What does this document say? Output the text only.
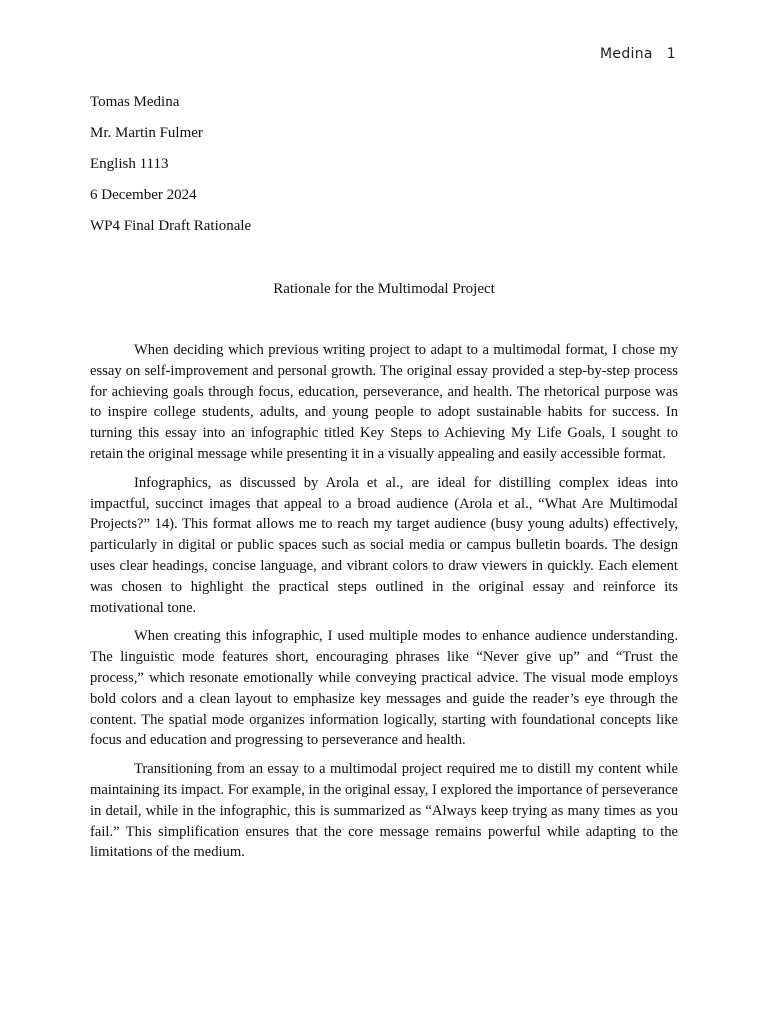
Medina 1
Tomas Medina
Mr. Martin Fulmer
English 1113
6 December 2024
WP4 Final Draft Rationale
Rationale for the Multimodal Project

When deciding which previous writing project to adapt to a multimodal format, I chose my essay on self-improvement and personal growth. The original essay provided a step-by-step process for achieving goals through focus, education, perseverance, and health. The rhetorical purpose was to inspire college students, adults, and young people to adopt sustainable habits for success. In turning this essay into an infographic titled Key Steps to Achieving My Life Goals, I sought to retain the original message while presenting it in a visually appealing and easily accessible format.

Infographics, as discussed by Arola et al., are ideal for distilling complex ideas into impactful, succinct images that appeal to a broad audience (Arola et al., “What Are Multimodal Projects?” 14). This format allows me to reach my target audience (busy young adults) effectively, particularly in digital or public spaces such as social media or campus bulletin boards. The design uses clear headings, concise language, and vibrant colors to draw viewers in quickly. Each element was chosen to highlight the practical steps outlined in the original essay and reinforce its motivational tone.

When creating this infographic, I used multiple modes to enhance audience understanding. The linguistic mode features short, encouraging phrases like “Never give up” and “Trust the process,” which resonate emotionally while conveying practical advice. The visual mode employs bold colors and a clean layout to emphasize key messages and guide the reader’s eye through the content. The spatial mode organizes information logically, starting with foundational concepts like focus and education and progressing to perseverance and health.

Transitioning from an essay to a multimodal project required me to distill my content while maintaining its impact. For example, in the original essay, I explored the importance of perseverance in detail, while in the infographic, this is summarized as “Always keep trying as many times as you fail.” This simplification ensures that the core message remains powerful while adapting to the limitations of the medium.
